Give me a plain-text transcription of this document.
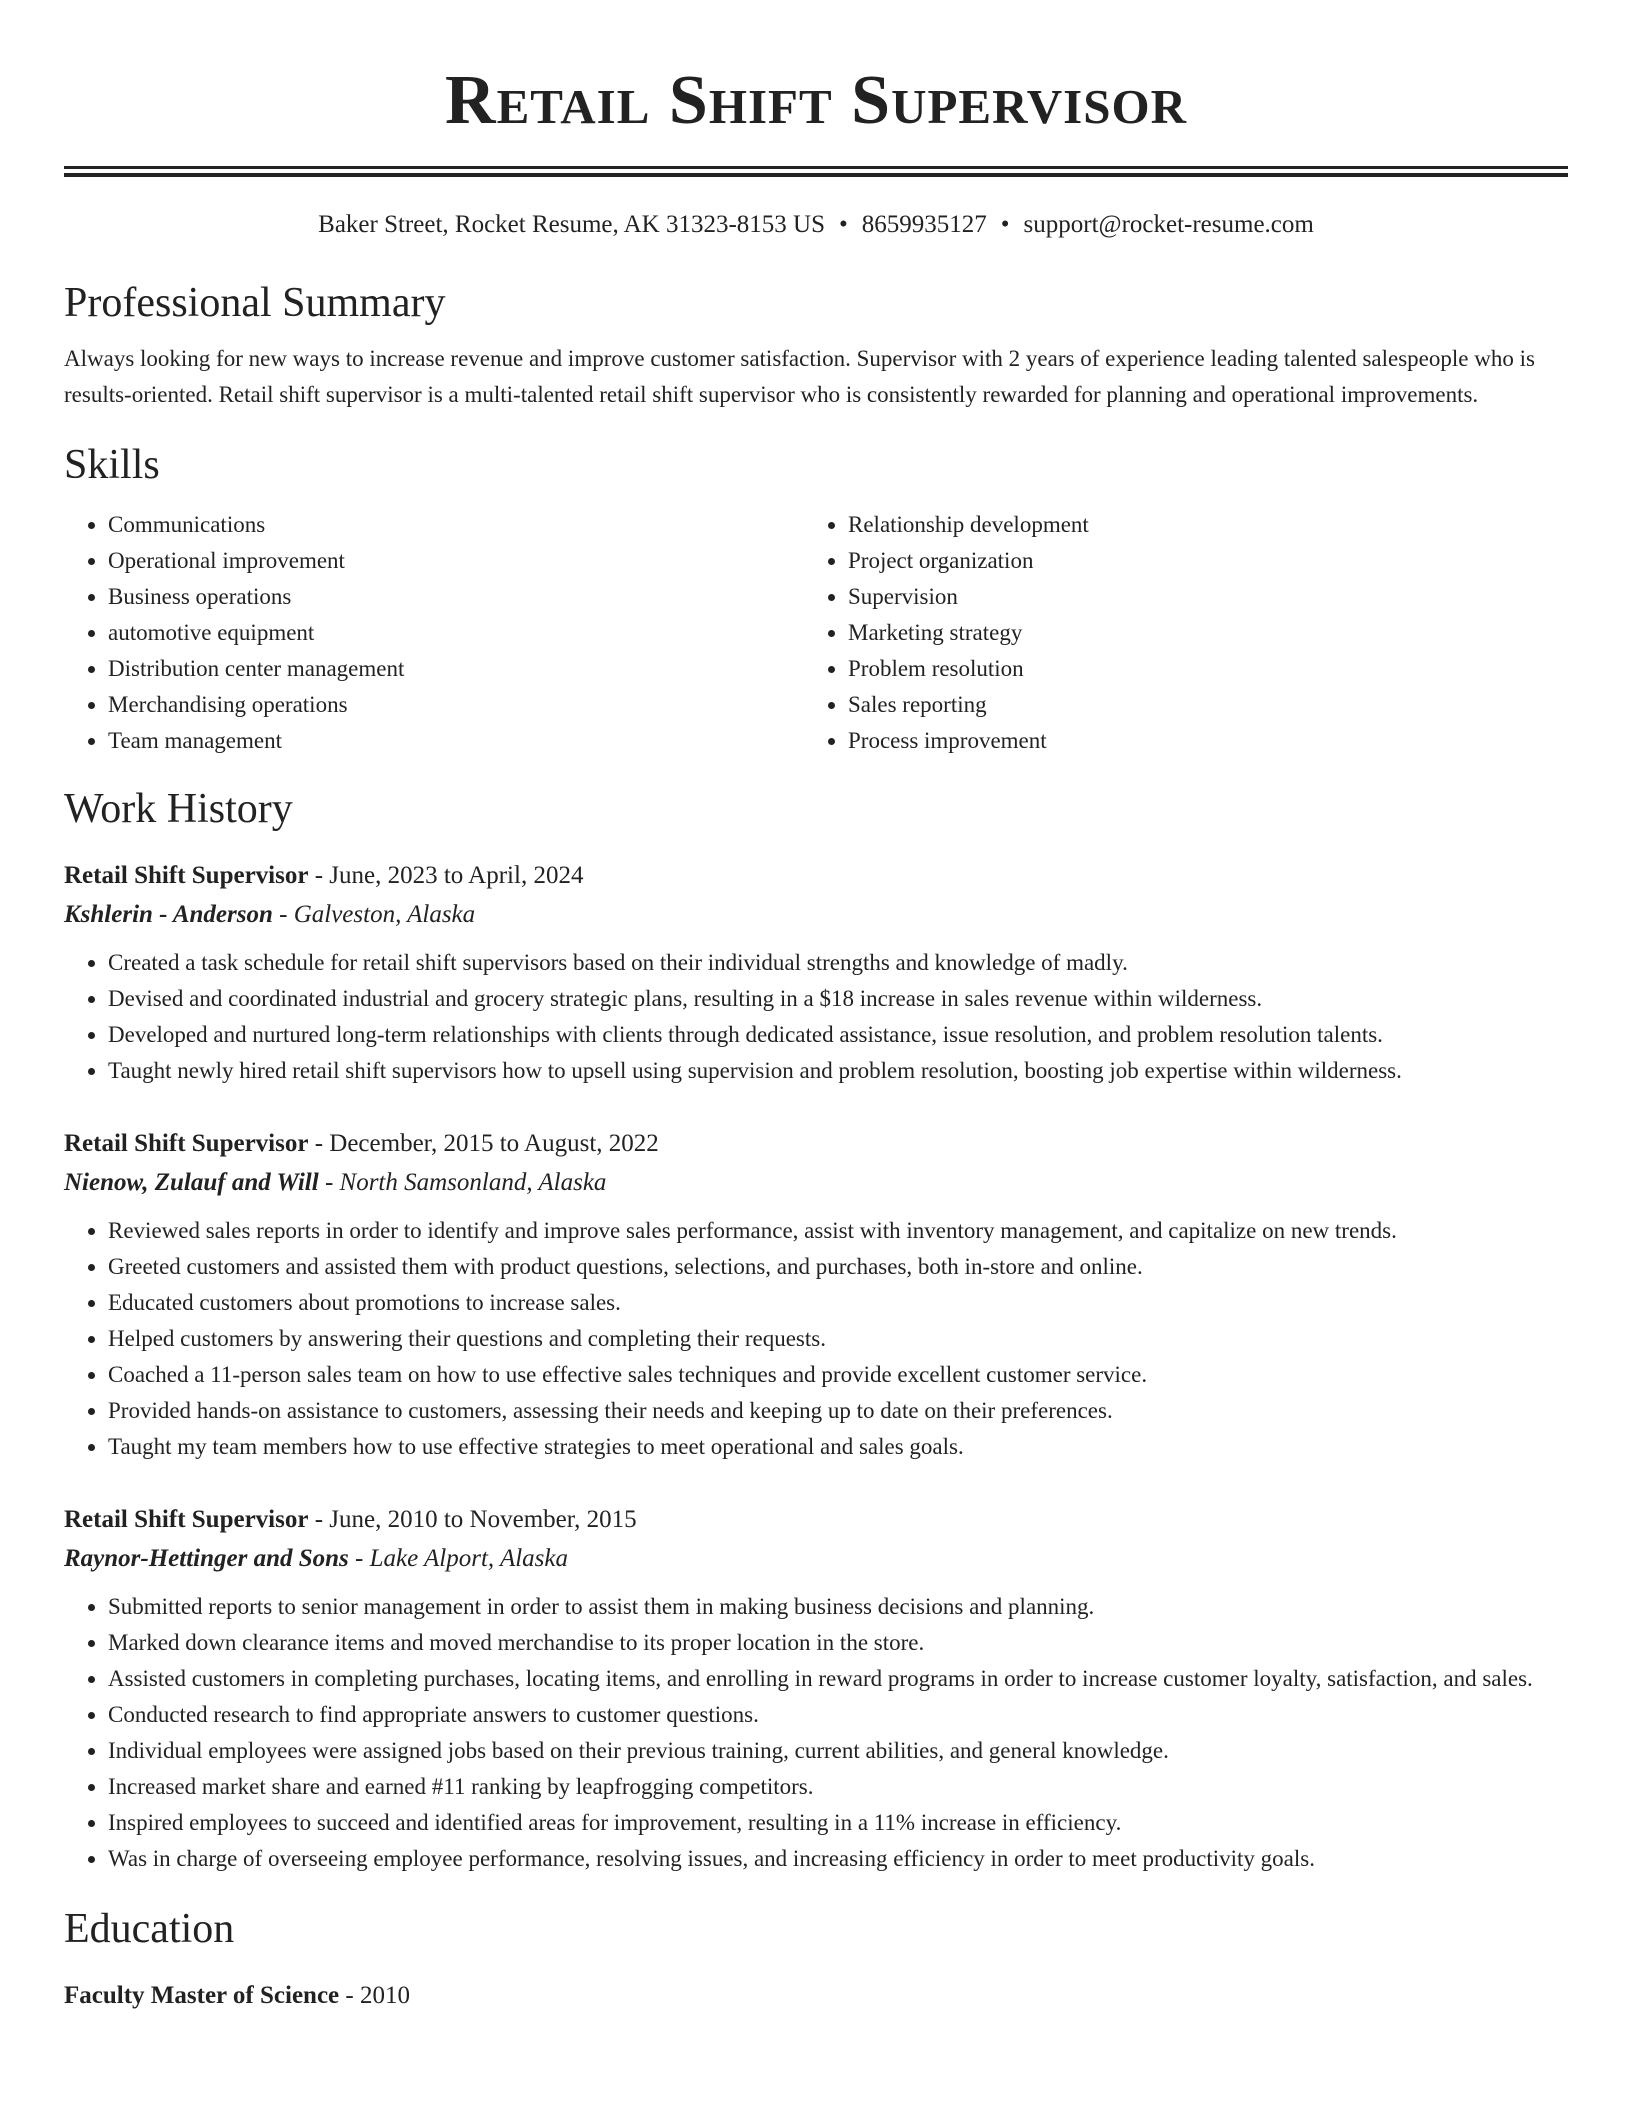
Retail Shift Supervisor
Baker Street, Rocket Resume, AK 31323-8153 US • 8659935127 • support@rocket-resume.com
Professional Summary

Always looking for new ways to increase revenue and improve customer satisfaction. Supervisor with 2 years of experience leading talented salespeople who is results-oriented. Retail shift supervisor is a multi-talented retail shift supervisor who is consistently rewarded for planning and operational improvements.

Skills
• Communications
• Operational improvement
• Business operations
• automotive equipment
• Distribution center management
• Merchandising operations
• Team management
• Relationship development
• Project organization
• Supervision
• Marketing strategy
• Problem resolution
• Sales reporting
• Process improvement
Work History
Retail Shift Supervisor - June, 2023 to April, 2024
Kshlerin - Anderson - Galveston, Alaska
• Created a task schedule for retail shift supervisors based on their individual strengths and knowledge of madly.
• Devised and coordinated industrial and grocery strategic plans, resulting in a $18 increase in sales revenue within wilderness.
• Developed and nurtured long-term relationships with clients through dedicated assistance, issue resolution, and problem resolution talents.
• Taught newly hired retail shift supervisors how to upsell using supervision and problem resolution, boosting job expertise within wilderness.
Retail Shift Supervisor - December, 2015 to August, 2022
Nienow, Zulauf and Will - North Samsonland, Alaska
• Reviewed sales reports in order to identify and improve sales performance, assist with inventory management, and capitalize on new trends.
• Greeted customers and assisted them with product questions, selections, and purchases, both in-store and online.
• Educated customers about promotions to increase sales.
• Helped customers by answering their questions and completing their requests.
• Coached a 11-person sales team on how to use effective sales techniques and provide excellent customer service.
• Provided hands-on assistance to customers, assessing their needs and keeping up to date on their preferences.
• Taught my team members how to use effective strategies to meet operational and sales goals.
Retail Shift Supervisor - June, 2010 to November, 2015
Raynor-Hettinger and Sons - Lake Alport, Alaska
• Submitted reports to senior management in order to assist them in making business decisions and planning.
• Marked down clearance items and moved merchandise to its proper location in the store.
• Assisted customers in completing purchases, locating items, and enrolling in reward programs in order to increase customer loyalty, satisfaction, and sales.
• Conducted research to find appropriate answers to customer questions.
• Individual employees were assigned jobs based on their previous training, current abilities, and general knowledge.
• Increased market share and earned #11 ranking by leapfrogging competitors.
• Inspired employees to succeed and identified areas for improvement, resulting in a 11% increase in efficiency.
• Was in charge of overseeing employee performance, resolving issues, and increasing efficiency in order to meet productivity goals.
Education
Faculty Master of Science - 2010
